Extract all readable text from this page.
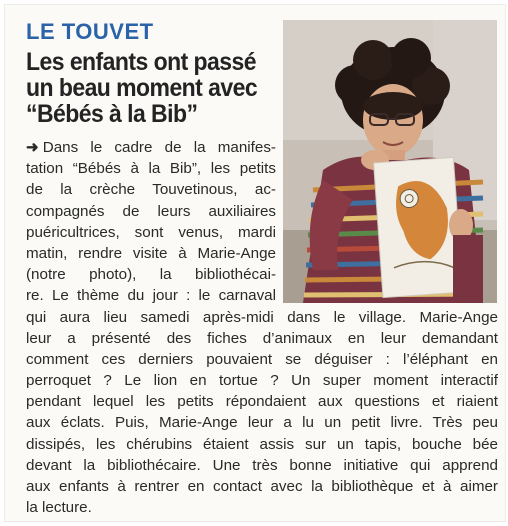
LE TOUVET
Les enfants ont passé
un beau moment avec
“Bébés à la Bib”
➜ Dans le cadre de la manifes-
tation “Bébés à la Bib”, les petits
de la crèche Touvetinous, ac-
compagnés de leurs auxiliaires
puéricultrices, sont venus, mardi
matin, rendre visite à Marie-Ange
(notre photo), la bibliothécai-
re. Le thème du jour : le carnaval
qui aura lieu samedi après-midi dans le village. Marie-Ange
leur a présenté des fiches d’animaux en leur demandant
comment ces derniers pouvaient se déguiser : l’éléphant en
perroquet ? Le lion en tortue ? Un super moment interactif
pendant lequel les petits répondaient aux questions et riaient
aux éclats. Puis, Marie-Ange leur a lu un petit livre. Très peu
dissipés, les chérubins étaient assis sur un tapis, bouche bée
devant la bibliothécaire. Une très bonne initiative qui apprend
aux enfants à rentrer en contact avec la bibliothèque et à aimer
la lecture.
